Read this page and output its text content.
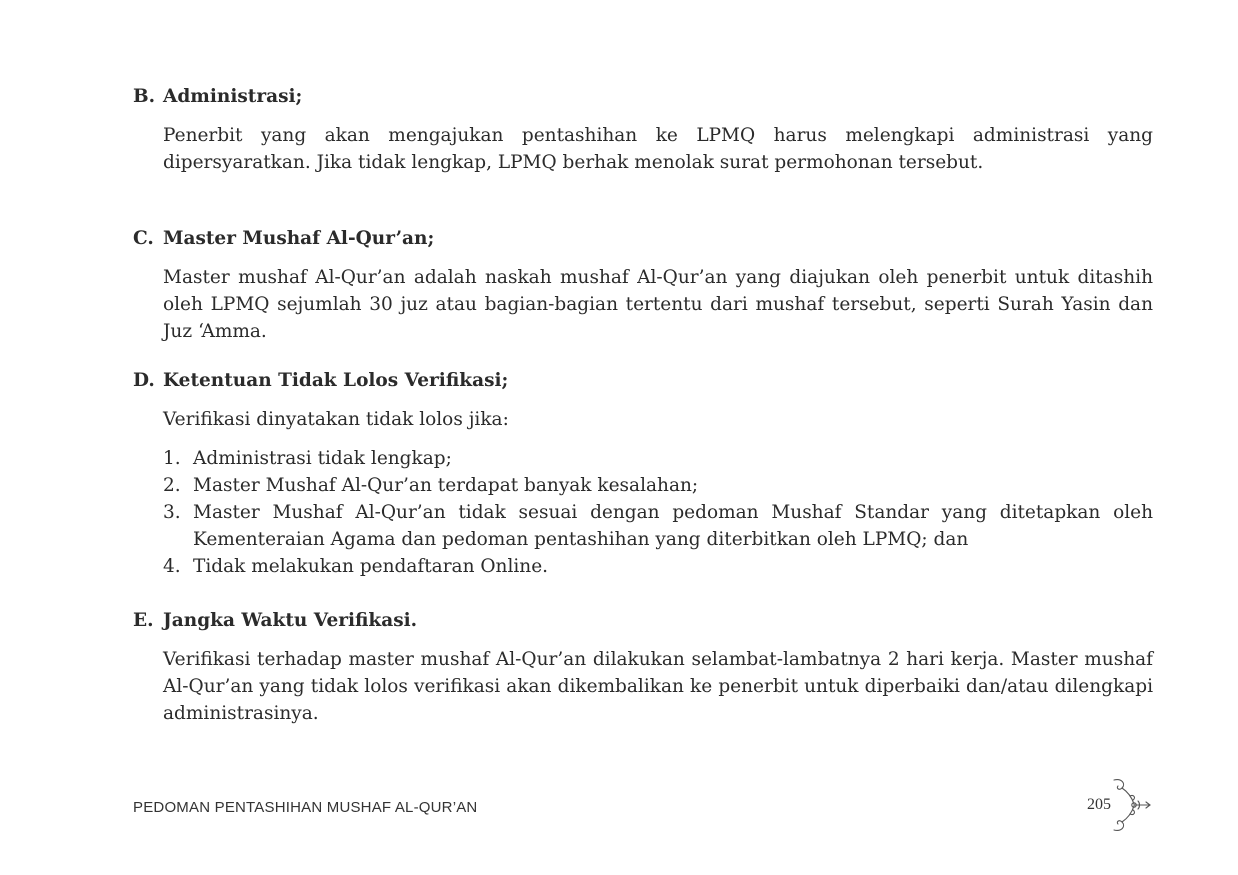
B. Administrasi;
Penerbit yang akan mengajukan pentashihan ke LPMQ harus melengkapi administrasi yang dipersyaratkan. Jika tidak lengkap, LPMQ berhak menolak surat permohonan tersebut.
C. Master Mushaf Al-Qur’an;
Master mushaf Al-Qur’an adalah naskah mushaf Al-Qur’an yang diajukan oleh penerbit untuk ditashih oleh LPMQ sejumlah 30 juz atau bagian-bagian tertentu dari mushaf tersebut, seperti Surah Yasin dan Juz ‘Amma.
D. Ketentuan Tidak Lolos Verifikasi;
Verifikasi dinyatakan tidak lolos jika:
1. Administrasi tidak lengkap;
2. Master Mushaf Al-Qur’an terdapat banyak kesalahan;
3. Master Mushaf Al-Qur’an tidak sesuai dengan pedoman Mushaf Standar yang ditetapkan oleh Kementeraian Agama dan pedoman pentashihan yang diterbitkan oleh LPMQ; dan
4. Tidak melakukan pendaftaran Online.
E. Jangka Waktu Verifikasi.
Verifikasi terhadap master mushaf Al-Qur’an dilakukan selambat-lambatnya 2 hari kerja. Master mushaf Al-Qur’an yang tidak lolos verifikasi akan dikembalikan ke penerbit untuk diperbaiki dan/atau dilengkapi administrasinya.
PEDOMAN PENTASHIHAN MUSHAF AL-QUR’AN	205
